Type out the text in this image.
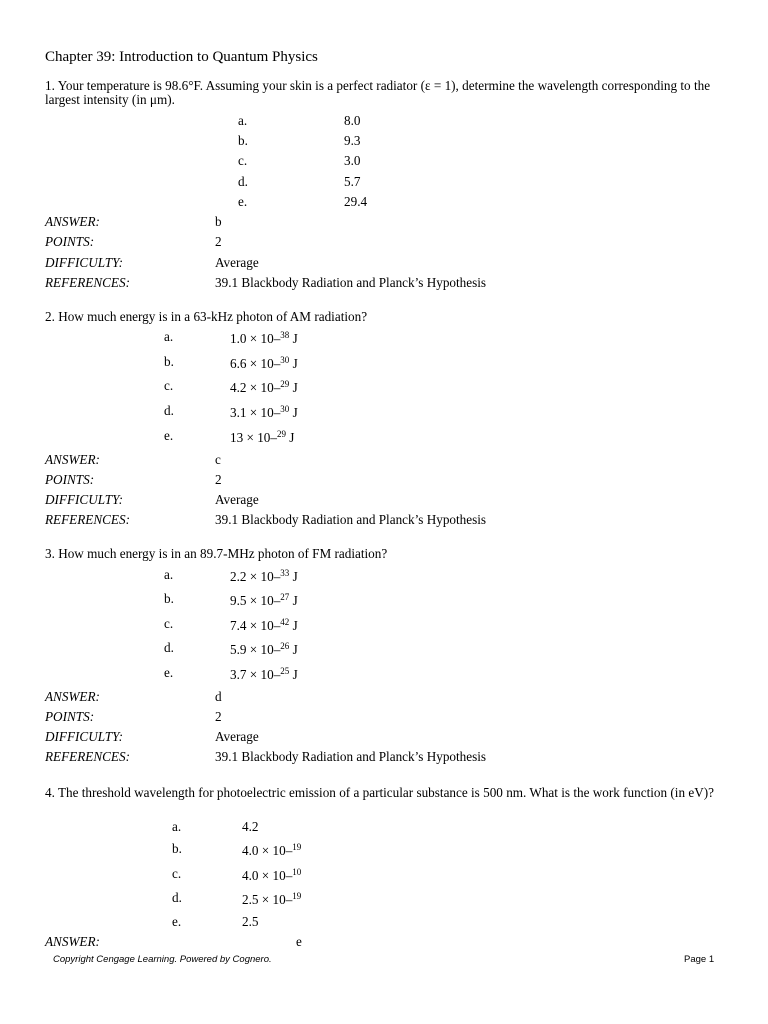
Chapter 39: Introduction to Quantum Physics
1. Your temperature is 98.6°F. Assuming your skin is a perfect radiator (ε = 1), determine the wavelength corresponding to the largest intensity (in μm).
a.	8.0
b.	9.3
c.	3.0
d.	5.7
e.	29.4
ANSWER:	b
POINTS:	2
DIFFICULTY:	Average
REFERENCES:	39.1 Blackbody Radiation and Planck’s Hypothesis
2. How much energy is in a 63-kHz photon of AM radiation?
a.	1.0 × 10–$^{38}$ J
b.	6.6 × 10–$^{30}$ J
c.	4.2 × 10–$^{29}$ J
d.	3.1 × 10–$^{30}$ J
e.	13 × 10–$^{29}$ J
ANSWER:	c
POINTS:	2
DIFFICULTY:	Average
REFERENCES:	39.1 Blackbody Radiation and Planck’s Hypothesis
3. How much energy is in an 89.7-MHz photon of FM radiation?
a.	2.2 × 10–$^{33}$ J
b.	9.5 × 10–$^{27}$ J
c.	7.4 × 10–$^{42}$ J
d.	5.9 × 10–$^{26}$ J
e.	3.7 × 10–$^{25}$ J
ANSWER:	d
POINTS:	2
DIFFICULTY:	Average
REFERENCES:	39.1 Blackbody Radiation and Planck’s Hypothesis
4. The threshold wavelength for photoelectric emission of a particular substance is 500 nm. What is the work function (in eV)?
a.	4.2
b.	4.0 × 10–$^{19}$
c.	4.0 × 10–$^{10}$
d.	2.5 × 10–$^{19}$
e.	2.5
ANSWER:	e
Copyright Cengage Learning. Powered by Cognero.	Page 1
